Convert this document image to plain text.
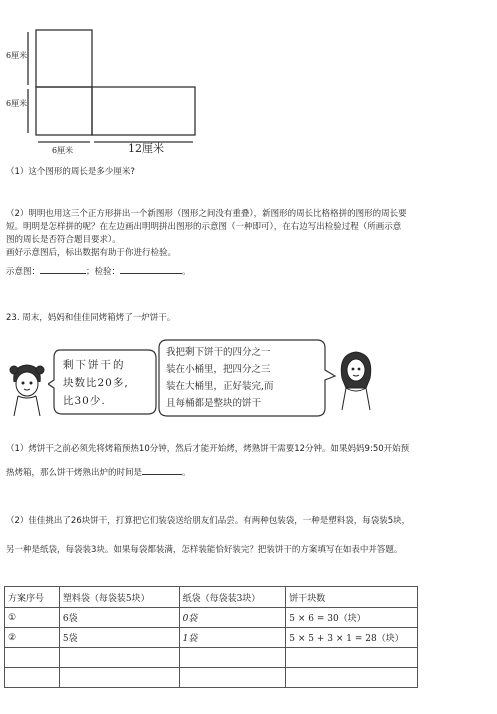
6厘米
6厘米
6厘米	12厘米
（1）这个图形的周长是多少厘米?
（2）明明也用这三个正方形拼出一个新图形（图形之间没有重叠），新图形的周长比格格拼的图形的周长要
短。明明是怎样拼的呢？在左边画出明明拼出图形的示意图（一种即可），在右边写出检验过程（所画示意
图的周长是否符合题目要求）。
画好示意图后，标出数据有助于你进行检验。
示意图：	；检验：	。
23. 周末，妈妈和佳佳同烤箱烤了一炉饼干。
剩下饼干的
块数比20多,
比30少.
我把剩下饼干的四分之一
装在小桶里，把四分之三
装在大桶里，正好装完,而
且每桶都是整块的饼干
（1）烤饼干之前必须先将烤箱预热10分钟，然后才能开始烤，烤熟饼干需要12分钟。如果妈妈9:50开始预
热烤箱，那么饼干烤熟出炉的时间是	。
（2）佳佳挑出了26块饼干，打算把它们装袋送给朋友们品尝。有两种包装袋，一种是塑料袋，每袋装5块，
另一种是纸袋，每袋装3块。如果每袋都装满，怎样装能恰好装完？把装饼干的方案填写在如表中并答题。
方案序号	塑料袋（每袋装5块）	纸袋（每袋装3块）	饼干块数
①	6袋	0袋	5 × 6 = 30（块）
②	5袋	1袋	5 × 5 + 3 × 1 = 28（块）
